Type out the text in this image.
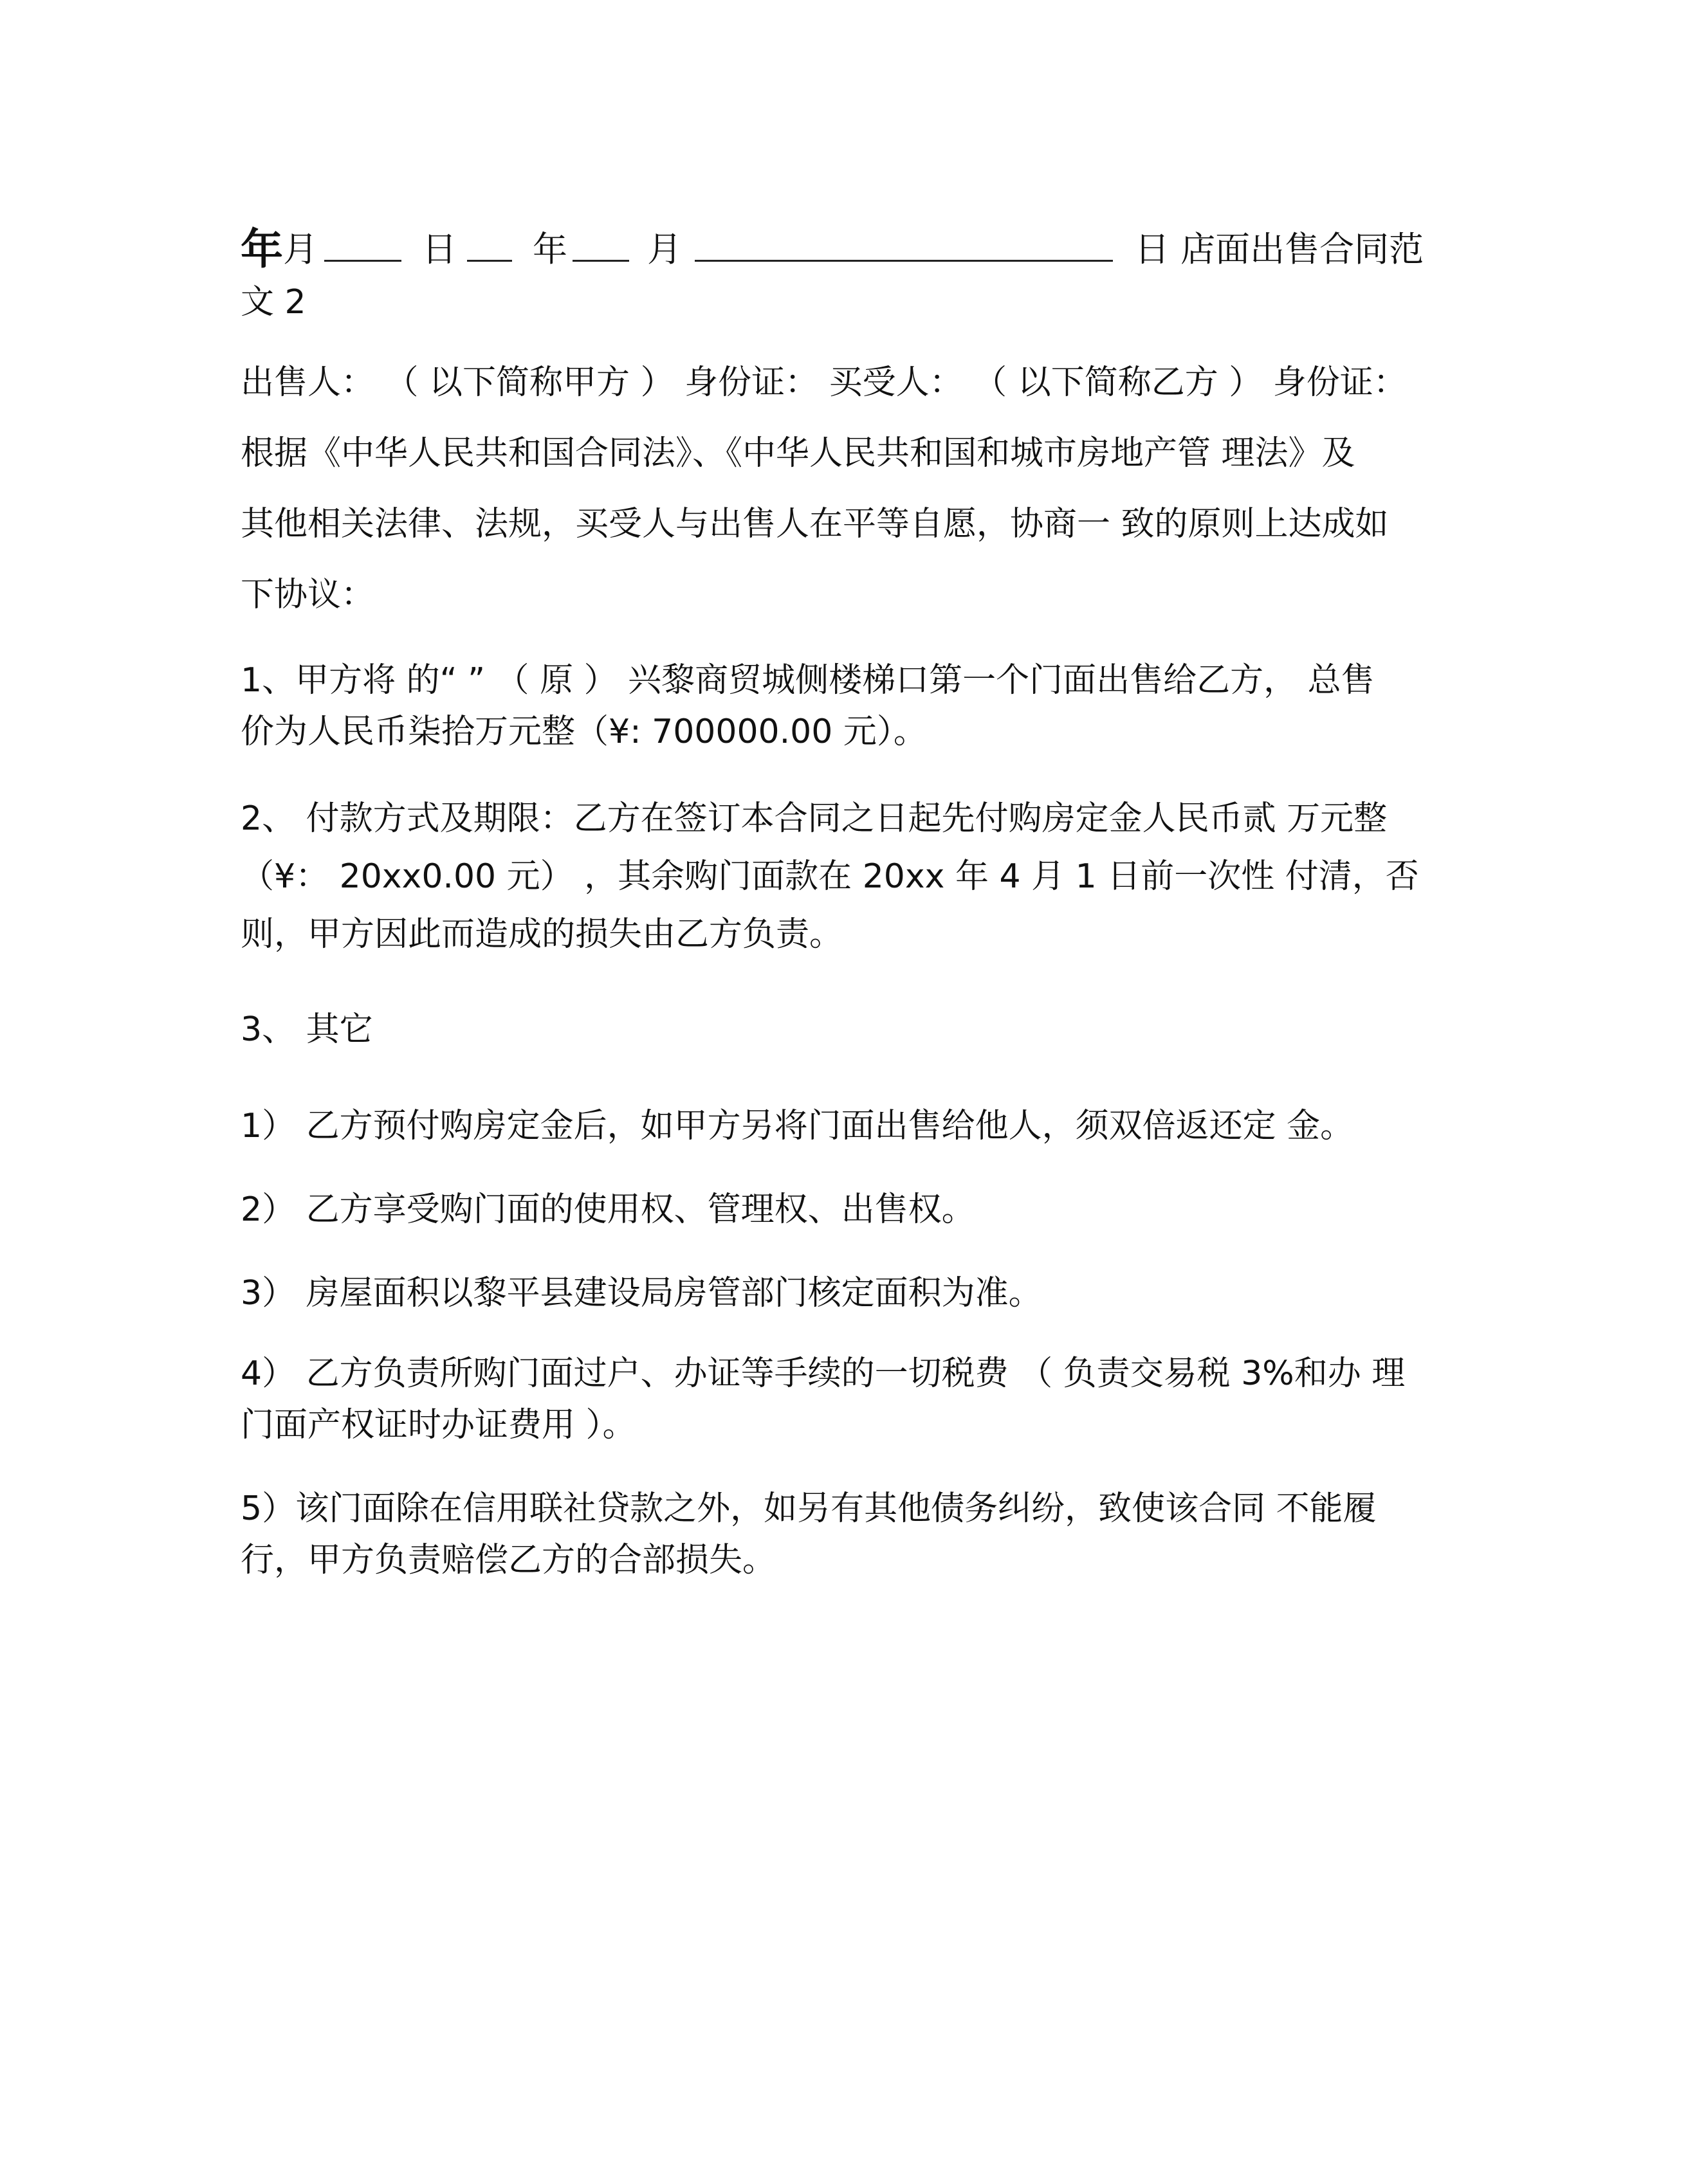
年 月	日 年 月	日 店面出售合同范

文 2

出售人： （ 以下简称甲方 ） 身份证： 买受人： （ 以下简称乙方 ） 身份证：

根据《中华人民共和国合同法》、《中华人民共和国和城市房地产管 理法》及

其他相关法律、法规，买受人与出售人在平等自愿，协商一 致的原则上达成如

下协议：

1、甲方将 的“ ” （ 原 ） 兴黎商贸城侧楼梯口第一个门面出售给乙方， 总售

价为人民币柒拾万元整（¥: 700000.00 元）。

2、 付款方式及期限：乙方在签订本合同之日起先付购房定金人民币贰 万元整

（¥： 20xx0.00 元） ，其余购门面款在 20xx 年 4 月 1 日前一次性 付清，否

则，甲方因此而造成的损失由乙方负责。

3、 其它

1） 乙方预付购房定金后，如甲方另将门面出售给他人，须双倍返还定 金。

2） 乙方享受购门面的使用权、管理权、出售权。

3） 房屋面积以黎平县建设局房管部门核定面积为准。

4） 乙方负责所购门面过户、办证等手续的一切税费 （ 负责交易税 3%和办 理

门面产权证时办证费用 ）。

5）该门面除在信用联社贷款之外，如另有其他债务纠纷，致使该合同 不能履

行，甲方负责赔偿乙方的合部损失。
